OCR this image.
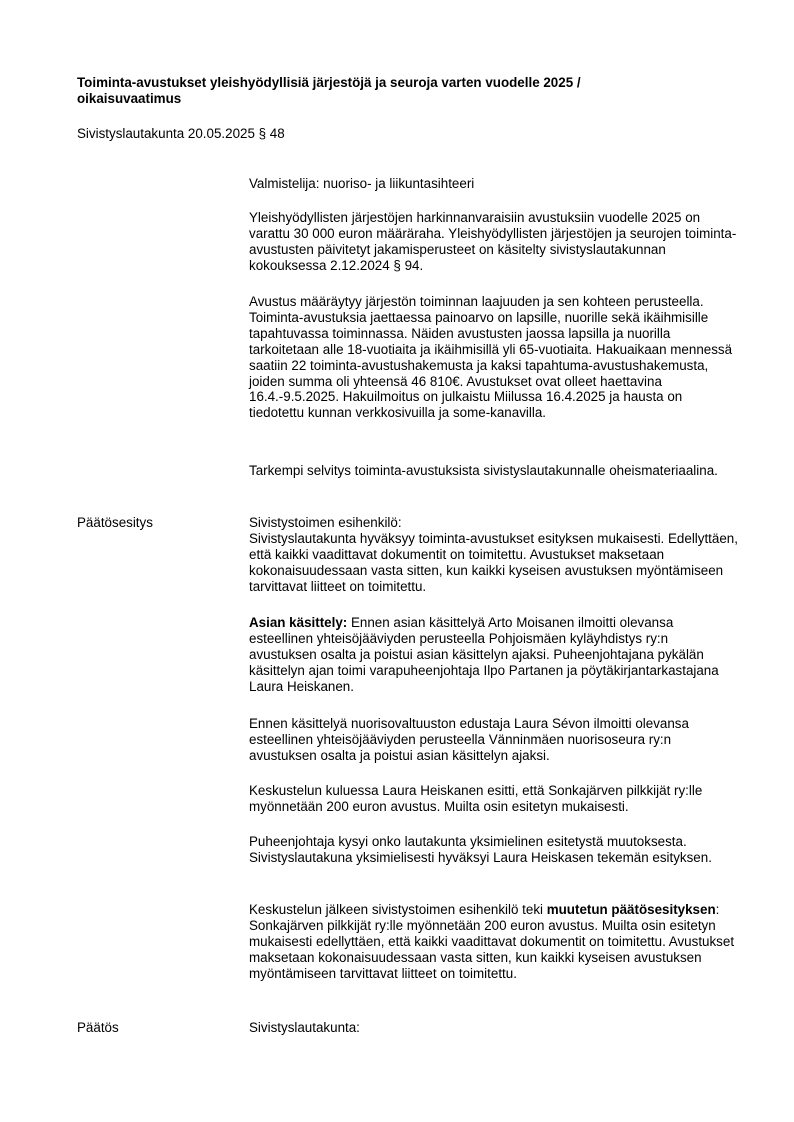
Toiminta-avustukset yleishyödyllisiä järjestöjä ja seuroja varten vuodelle 2025 /
oikaisuvaatimus
Sivistyslautakunta 20.05.2025 § 48
Valmistelija: nuoriso- ja liikuntasihteeri
Yleishyödyllisten järjestöjen harkinnanvaraisiin avustuksiin vuodelle 2025 on varattu 30 000 euron määräraha. Yleishyödyllisten järjestöjen ja seurojen toiminta-avustusten päivitetyt jakamisperusteet on käsitelty sivistyslautakunnan kokouksessa 2.12.2024 § 94.
Avustus määräytyy järjestön toiminnan laajuuden ja sen kohteen perusteella. Toiminta-avustuksia jaettaessa painoarvo on lapsille, nuorille sekä ikäihmisille tapahtuvassa toiminnassa. Näiden avustusten jaossa lapsilla ja nuorilla tarkoitetaan alle 18-vuotiaita ja ikäihmisillä yli 65-vuotiaita. Hakuaikaan mennessä saatiin 22 toiminta-avustushakemusta ja kaksi tapahtuma-avustushakemusta, joiden summa oli yhteensä 46 810€. Avustukset ovat olleet haettavina 16.4.-9.5.2025. Hakuilmoitus on julkaistu Miilussa 16.4.2025 ja hausta on tiedotettu kunnan verkkosivuilla ja some-kanavilla.
Tarkempi selvitys toiminta-avustuksista sivistyslautakunnalle oheismateriaalina.
Päätösesitys	Sivistystoimen esihenkilö:

Sivistyslautakunta hyväksyy toiminta-avustukset esityksen mukaisesti. Edellyttäen, että kaikki vaadittavat dokumentit on toimitettu. Avustukset maksetaan kokonaisuudessaan vasta sitten, kun kaikki kyseisen avustuksen myöntämiseen tarvittavat liitteet on toimitettu.

Asian käsittely: Ennen asian käsittelyä Arto Moisanen ilmoitti olevansa esteellinen yhteisöjääviyden perusteella Pohjoismäen kyläyhdistys ry:n avustuksen osalta ja poistui asian käsittelyn ajaksi. Puheenjohtajana pykälän käsittelyn ajan toimi varapuheenjohtaja Ilpo Partanen ja pöytäkirjantarkastajana Laura Heiskanen.
Ennen käsittelyä nuorisovaltuuston edustaja Laura Sévon ilmoitti olevansa esteellinen yhteisöjääviyden perusteella Vänninmäen nuorisoseura ry:n avustuksen osalta ja poistui asian käsittelyn ajaksi.
Keskustelun kuluessa Laura Heiskanen esitti, että Sonkajärven pilkkijät ry:lle myönnetään 200 euron avustus. Muilta osin esitetyn mukaisesti.
Puheenjohtaja kysyi onko lautakunta yksimielinen esitetystä muutoksesta. Sivistyslautakuna yksimielisesti hyväksyi Laura Heiskasen tekemän esityksen.
Keskustelun jälkeen sivistystoimen esihenkilö teki muutetun päätösesityksen: Sonkajärven pilkkijät ry:lle myönnetään 200 euron avustus. Muilta osin esitetyn mukaisesti edellyttäen, että kaikki vaadittavat dokumentit on toimitettu. Avustukset maksetaan kokonaisuudessaan vasta sitten, kun kaikki kyseisen avustuksen myöntämiseen tarvittavat liitteet on toimitettu.
Päätös	Sivistyslautakunta:
